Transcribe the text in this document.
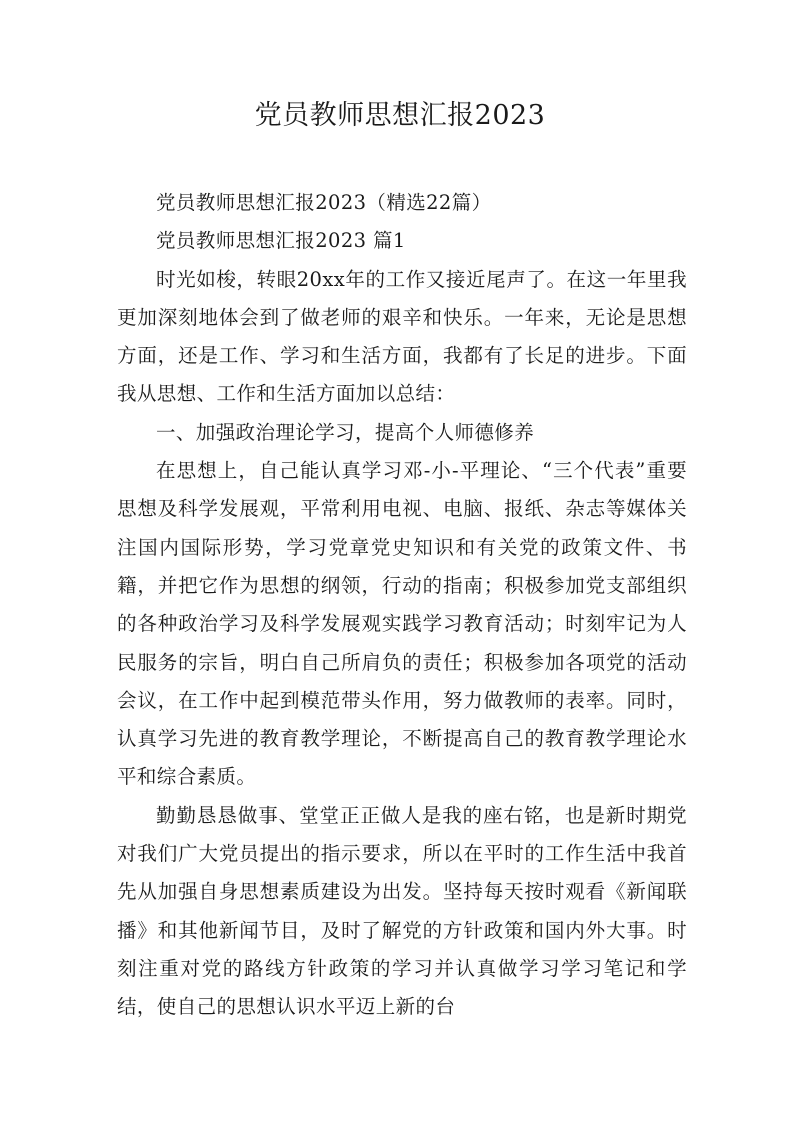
党员教师思想汇报2023

党员教师思想汇报2023（精选22篇）

党员教师思想汇报2023 篇1

时光如梭，转眼20xx年的工作又接近尾声了。在这一年里我更加深刻地体会到了做老师的艰辛和快乐。一年来，无论是思想方面，还是工作、学习和生活方面，我都有了长足的进步。下面我从思想、工作和生活方面加以总结：

一、加强政治理论学习，提高个人师德修养

在思想上，自己能认真学习邓-小-平理论、“三个代表”重要思想及科学发展观，平常利用电视、电脑、报纸、杂志等媒体关注国内国际形势，学习党章党史知识和有关党的政策文件、书籍，并把它作为思想的纲领，行动的指南；积极参加党支部组织的各种政治学习及科学发展观实践学习教育活动；时刻牢记为人民服务的宗旨，明白自己所肩负的责任；积极参加各项党的活动会议，在工作中起到模范带头作用，努力做教师的表率。同时，认真学习先进的教育教学理论，不断提高自己的教育教学理论水平和综合素质。

勤勤恳恳做事、堂堂正正做人是我的座右铭，也是新时期党对我们广大党员提出的指示要求，所以在平时的工作生活中我首先从加强自身思想素质建设为出发。坚持每天按时观看《新闻联播》和其他新闻节目，及时了解党的方针政策和国内外大事。时刻注重对党的路线方针政策的学习并认真做学习学习笔记和学结，使自己的思想认识水平迈上新的台
